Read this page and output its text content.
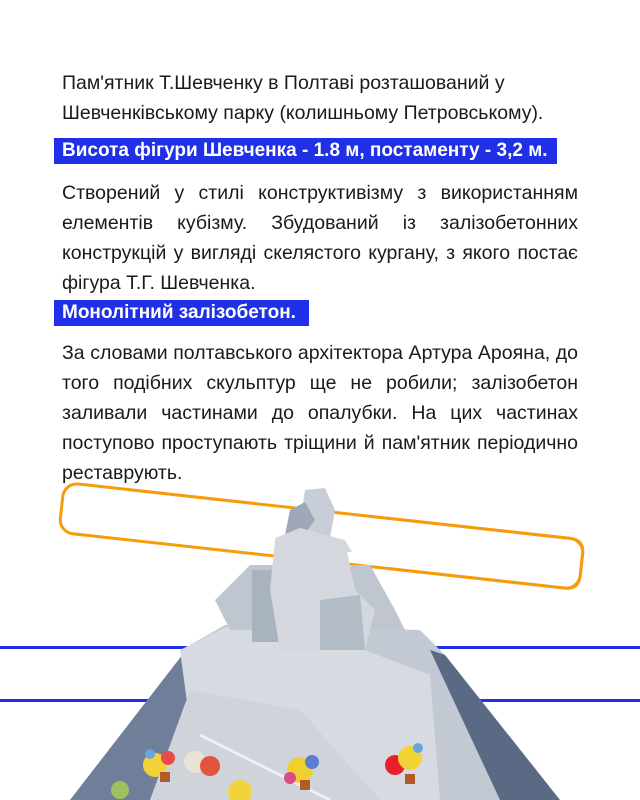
Пам'ятник Т.Шевченку в Полтаві розташований у Шевченківському парку (колишньому Петровському).

Висота фігури Шевченка - 1.8 м, постаменту - 3,2 м.

Створений у стилі конструктивізму з використанням елементів кубізму. Збудований із залізобетонних конструкцій у вигляді скелястого кургану, з якого постає фігура Т.Г. Шевченка.

Монолітний залізобетон.

За словами полтавського архітектора Артура Арояна, до того подібних скульптур ще не робили; залізобетон заливали частинами до опалубки. На цих частинах поступово проступають тріщини й пам'ятник періодично реставрують.
